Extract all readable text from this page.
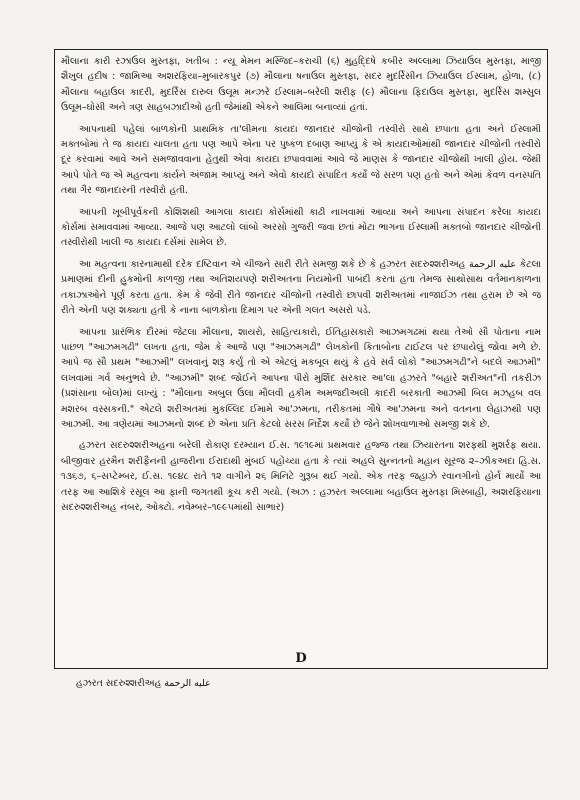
મૌલાના કારી રઝાઉલ મુસ્તફા, ખતીબ : ન્યૂ મેમન મસ્જિદ–કરાચી (૬) મુહદ્દિષે કબીર અલ્લામા ઝિયાઉલ મુસ્તફા, માજી શૈખુલ હદીષ : જામિઆ અશરફિયા–મુબારકપુર (૭) મૌલાના ષનાઉલ મુસ્તફા, સદર મુદર્રિસીન ઝિયાઉલ ઈસ્લામ, હોળા, (૮) મૌલાના બહાઉલ કાદરી, મુદર્રિસ દારુલ ઉલૂમ મન્ઝરે ઈસ્લામ–બરેલી શરીફ (૯) મૌલાના ફિદાઉલ મુસ્તફા, મુદર્રિસ શમ્સુલ ઉલૂમ–ઘોસી અને ત્રણ સાહબઝાદીઓ હતી જેમાંથી એકને આલિમા બનાવ્યાં હતાં.

આપનાથી પહેલાં બાળકોની પ્રાથમિક તા'લીમના કાયદા જાનદાર ચીજોની તસ્વીરો સાથે છપાતા હતા અને ઈસ્લામી મક્તબોમાં તે જ કાયદા ચાલતા હતા પણ આપે એના પર પુષ્કળ દબાણ આપ્યું કે એ કાયદાઓમાંથી જાનદાર ચીજોની તસ્વીરો દૂર કરવામાં આવે અને સમજાવવાના હેતુથી એવા કાયદા છપાવવામાં આવે જે માણસ કે જાનદાર ચીજોથી ખાલી હોય. જેથી આપે પોતે જ એ મહત્વના કાર્યને અંજામ આપ્યું અને એવો કાયદો સંપાદિત કર્યો જે સરળ પણ હતો અને એમાં કેવળ વનસ્પતિ તથા ગૈર જાનદારની તસ્વીરો હતી.

આપની ખૂબીપૂર્વકની કોશિશથી આગલા કાયદા કોર્સમાંથી કાઢી નાખવામાં આવ્યા અને આપના સંપાદન કરેલા કાયદા કોર્સમાં સમાવવામાં આવ્યા. આજે પણ આટલો લાંબો અરસો ગુજરી જવા છતાં મોટા ભાગના ઈસ્લામી મક્તબો જાનદાર ચીજોની તસ્વીરોથી ખાલી જ કાયદા દર્સમાં સામેલ છે.

આ મહત્વના કારનામાથી દરેક દષ્ટિવાન એ ચીજને સારી રીતે સમજી શકે છે કે હઝરત સદરુશ્શરીઅહ عليه الرحمة કેટલા પ્રમાણમાં દીની હુકમોની કાળજી તથા અતિશયપણે શરીઅતના નિયમોની પાબંદી કરતા હતા તેમજ સાથોસાથ વર્તમાનકાળના તકાઝાઓને પૂર્ણ કરતા હતા. કેમ કે જેવી રીતે જાનદાર ચીજોની તસ્વીરો છાપવી શરીઅતમાં નાજાઈઝ તથા હરામ છે એ જ રીતે એની પણ શક્યતા હતી કે નાના બાળકોના દિમાગ પર એની ગલત અસરો પડે.

આપના પ્રારંભિક દૌરમાં જેટલા મૌલાના, શાયરો, સાહિત્યકારો, ઈતિહાસકારો આઝમગઢમાં થયા તેઓ સૌ પોતાના નામ પાછળ "આઝમગઢી" લખતા હતા, જેમ કે આજે પણ "આઝમગઢી" લેખકોની કિતાબોના ટાઈટલ પર છપાયેલું જોવા મળે છે. આપે જ સૌ પ્રથમ "આઝમી" લખવાનું શરૂ કર્યું તો એ એટલું મકબૂલ થયું કે હવે સર્વ લોકો "આઝમગઢી"ને બદલે આઝમી" લખવામાં ગર્વ અનુભવે છે. "આઝમી" શબ્દ જોઈને આપના પીરો મુર્શિદ સરકાર આ'લા હઝરતે "બહારે શરીઅત"ની તકરીઝ (પ્રશંસાના બોલ)માં લખ્યું : "મૌલાના અબુલ ઉલા મૌલવી હકીમ અમજદીઅલી કાદરી બરકાતી આઝમી બિલ મઝહબ વલ મશરબ વસ્સકની." એટલે શરીઅતમાં મુકલ્લિદ ઈમામે આ'ઝમના, તરીકતમાં ગૌષે આ'ઝમના અને વતનના લેહાઝથી પણ આઝમી. આ ત્રણેયમાં આઝમનો શબ્દ છે એના પ્રતિ કેટલો સરસ નિર્દેશ કર્યો છે જેને શોખવાળાઓ સમજી શકે છે.

હઝરત સદરુશ્શરીઅહના બરેલી રોકાણ દરમ્યાન ઈ.સ. ૧૯૧૯માં પ્રથમવાર હજ્જ તથા ઝિયારતના શરફથી મુશર્રફ થયા. બીજીવાર હરમૈન શરીફૈનની હાજરીના ઈરાદાથી મુંબઈ પહોંચ્યા હતા કે ત્યાં અહલે સુન્નતનો મહાન સૂરજ ૨–ઝીકઅદા હિ.સ. ૧૩૬૭, ૬–સપ્ટેમ્બર, ઈ.સ. ૧૯૪૮ રાતે ૧૨ વાગીને ૨૬ મિનિટે ગુરૂબ થઈ ગયો. એક તરફ જહાઝે રવાનગીનો હોર્ન માર્યો આ તરફ આ આશિકે રસૂલ આ ફાની જગતથી કૂચ કરી ગયો. (અઝ : હઝરત અલ્લામા બહાઉલ મુસ્તફા મિસ્બાહી, અશરફિયાના સદરુશ્શરીઅહ નંબર, ઓક્ટો. નવેમ્બર–૧૯૯૫માંથી સાભાર)

D
હઝરત સદરુશ્શરીઅહ عليه الرحمة
